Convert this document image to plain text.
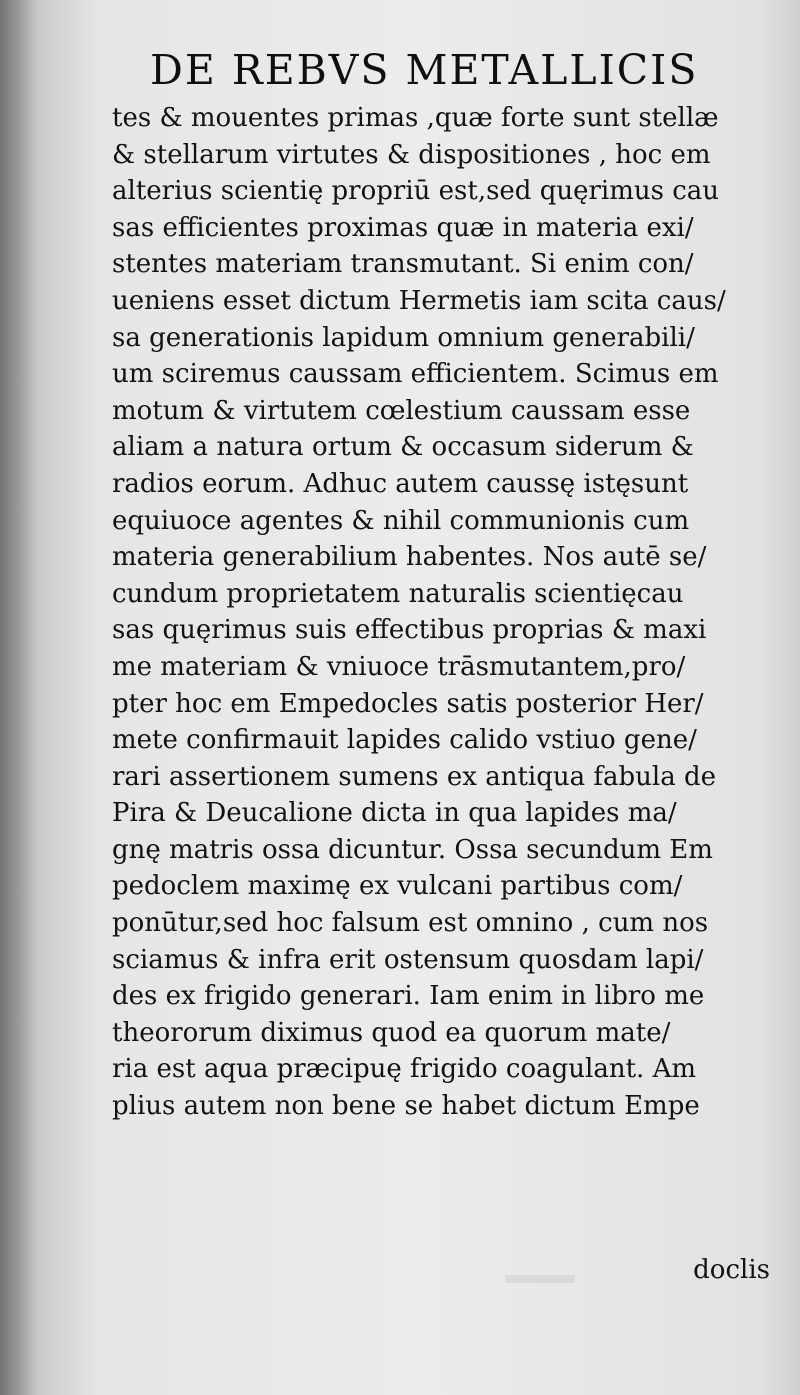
DE REBVS METALLICIS
tes & mouentes primas ,quæ forte sunt stellæ
& stellarum virtutes & dispositiones , hoc em
alterius scientię propriū est,sed quęrimus cau
sas efficientes proximas quæ in materia exi/
stentes materiam transmutant. Si enim con/
ueniens esset dictum Hermetis iam scita caus/
sa generationis lapidum omnium generabili/
um sciremus caussam efficientem. Scimus em
motum & virtutem cœlestium caussam esse
aliam a natura ortum & occasum siderum &
radios eorum. Adhuc autem caussę istęsunt
equiuoce agentes & nihil communionis cum
materia generabilium habentes. Nos autē se/
cundum proprietatem naturalis scientięcau
sas quęrimus suis effectibus proprias & maxi
me materiam & vniuoce trāsmutantem,pro/
pter hoc em Empedocles satis posterior Her/
mete confirmauit lapides calido vstiuo gene/
rari assertionem sumens ex antiqua fabula de
Pira & Deucalione dicta in qua lapides ma/
gnę matris ossa dicuntur. Ossa secundum Em
pedoclem maximę ex vulcani partibus com/
ponūtur,sed hoc falsum est omnino , cum nos
sciamus & infra erit ostensum quosdam lapi/
des ex frigido generari. Iam enim in libro me
theororum diximus quod ea quorum mate/
ria est aqua præcipuę frigido coagulant. Am
plius autem non bene se habet dictum Empe
doclis
